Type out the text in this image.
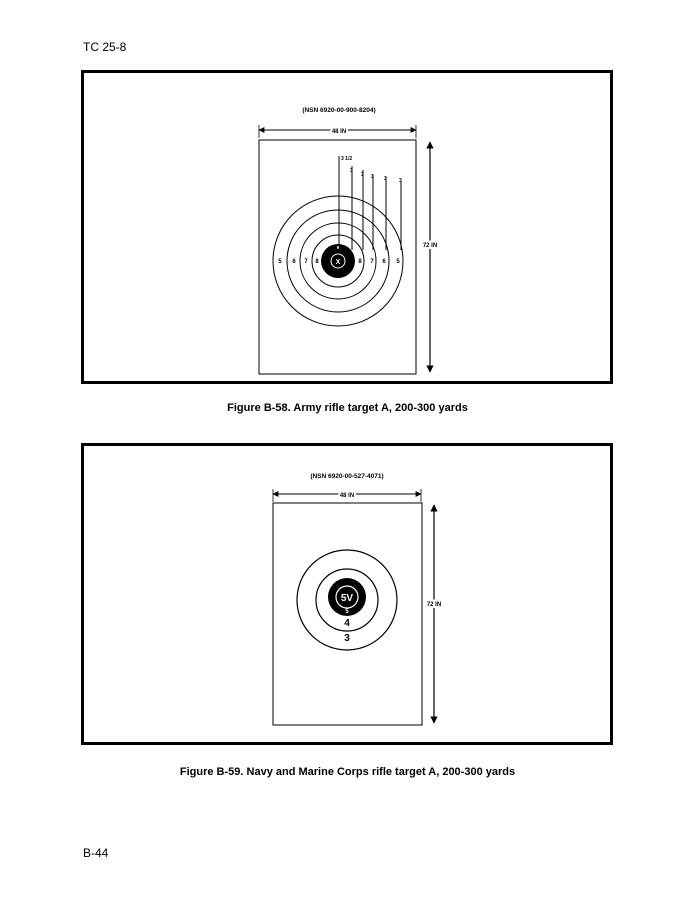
TC 25-8
(NSN 6920-00-900-8204)
48 IN
72 IN
3 1/2
3
3 3 3 3
5 6 7 8	8 7 6 5
X
9
(NSN 6920-00-527-4071)
48 IN
72 IN
5V
5
4
3
Figure B-58. Army rifle target A, 200-300 yards
Figure B-59. Navy and Marine Corps rifle target A, 200-300 yards
B-44
